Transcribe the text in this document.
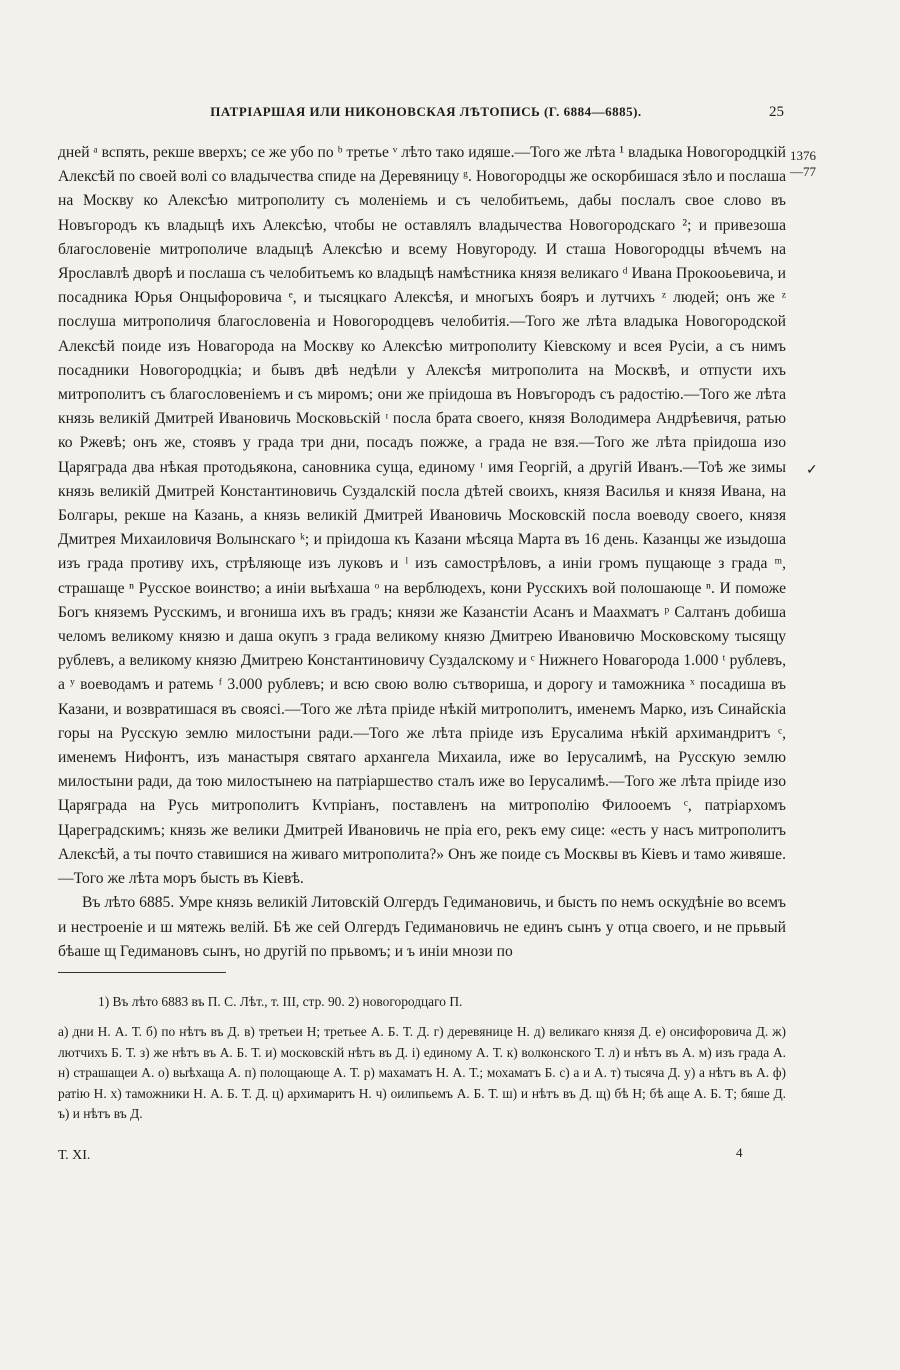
ПАТРІАРШАЯ ИЛИ НИКОНОВСКАЯ ЛѢТОПИСЬ (Г. 6884—6885).	25
1376
—77
✓

дней ᵃ вспять, рекше вверхъ; се же убо по ᵇ третье ᵛ лѣто тако идяше.—Того же лѣта ¹ владыка Новогородцкiй Алексѣй по своей волi со владычества спиде на Деревяницу ᵍ. Новогородцы же оскорбишася зѣло и послаша на Москву ко Алексѣю митрополиту съ моленiемь и съ челобитьемь, дабы послалъ свое слово въ Новъгородъ къ владыцѣ ихъ Алексѣю, чтобы не оставлялъ владычества Новогородскаго ²; и привезоша благословенiе митрополиче владыцѣ Алексѣю и всему Новугороду. И сташа Новогородцы вѣчемъ на Ярославлѣ дворѣ и послаша съ челобитьемъ ко владыцѣ намѣстника князя великаго ᵈ Ивана Прокооьевича, и посадника Юрья Онцыфоровича ᵉ, и тысяцкаго Алексѣя, и многыхъ бояръ и лутчихъ ᶻ людей; онъ же ᶻ послуша митрополичя благословенiа и Новогородцевъ челобитiя.—Того же лѣта владыка Новогородской Алексѣй поиде изъ Новагорода на Москву ко Алексѣю митрополиту Кiевскому и всея Русiи, а съ нимъ посадники Новогородцкiа; и бывъ двѣ недѣли у Алексѣя митрополита на Москвѣ, и отпусти ихъ митрополитъ съ благословенiемъ и съ миромъ; они же прiидоша въ Новъгородъ съ радостiю.—Того же лѣта князь великiй Дмитрей Ивановичь Московьскiй ᶦ посла братa своего, князя Володимера Андрѣевичя, ратью ко Ржевѣ; онъ же, стоявъ у града три дни, посадъ пожже, а града не взя.—Того же лѣта прiидоша изо Царяграда два нѣкая протодьякона, сановника суща, единому ᶦ имя Георгiй, а другiй Иванъ.—Тоѣ же зимы князь великiй Дмитрей Константиновичь Суздалскiй посла дѣтей своихъ, князя Василья и князя Ивана, на Болгары, рекше на Казань, а князь великiй Дмитрей Ивановичь Московскiй посла воеводу своего, князя Дмитрея Михаиловичя Волынскаго ᵏ; и прiидоша къ Казани мѣсяца Марта въ 16 день. Казанцы же изыдоша изъ града противу ихъ, стрѣляюще изъ луковъ и ˡ изъ самострѣловъ, а инiи громъ пущающе з града ᵐ, страшаще ⁿ Русское воинство; а инiи выѣхаша ᵒ на верблюдехъ, кони Русскихъ вой полошающе ⁿ. И поможе Богъ княземъ Русскимъ, и вгониша ихъ въ градъ; князи же Казанстiи Асанъ и Маахматъ ᵖ Салтанъ добиша челомъ великому князю и даша окупъ з града великому князю Дмитрею Ивановичю Московскому тысящу рублевъ, а великому князю Дмитрею Константиновичу Суздалскому и ᶜ Нижнего Новагорода 1.000 ᵗ рублевъ, а ʸ воеводамъ и ратемь ᶠ 3.000 рублевъ; и всю свою волю сътвориша, и дорогу и таможника ˣ посадиша въ Казани, и возвратишася въ своясi.—Того же лѣта прiиде нѣкiй митрополитъ, именемъ Марко, изъ Синайскiа горы на Русскую землю милостыни ради.—Того же лѣта прiиде изъ Ерусалима нѣкiй архимандритъ ᶜ, именемъ Нифонтъ, изъ манастыря святаго архангела Михаила, иже во Iерусалимѣ, на Русскую землю милостыни ради, да тою милостынею на патрiаршество сталъ иже во Iерусалимѣ.—Того же лѣта прiиде изо Царяграда на Русь митрополитъ Кѵпрiанъ, поставленъ на митрополiю Филооемъ ᶜ, патрiархомъ Цареградскимъ; князь же велики Дмитрей Ивановичь не прiа его, рекъ ему сице: «есть у насъ митрополитъ Алексѣй, а ты почто ставишися на живаго митрополита?» Онъ же поиде съ Москвы въ Кiевъ и тамо живяше.—Того же лѣта моръ бысть въ Кiевѣ.

Въ лѣто 6885. Умре князь великiй Литовскiй Олгердъ Гедимановичь, и бысть по немъ оскудѣнiе во всемъ и нестроенiе и ш мятежь велiй. Бѣ же сей Олгердъ Гедимановичь не единъ сынъ у отца своего, и не прьвый бѣаше щ Гедимановъ сынъ, но другiй по прьвомъ; и ъ инiи мнози по

1) Въ лѣто 6883 въ П. С. Лѣт., т. III, стр. 90. 2) новогородцаго П.
а) дни Н. А. Т. б) по нѣтъ въ Д. в) третьеи Н; третьее А. Б. Т. Д. г) деревянице Н. д) великаго князя Д. е) онсифоровича Д. ж) лютчихъ Б. Т. з) же нѣтъ въ А. Б. Т. и) московскiй нѣтъ въ Д. i) единому А. Т. к) волконского Т. л) и нѣтъ въ А. м) изъ града А. н) страшащеи А. о) выѣхаща А. п) полощающе А. Т. р) махаматъ Н. А. Т.; мохаматъ Б. с) а и А. т) тысяча Д. у) а нѣтъ въ А. ф) ратiю Н. х) таможники Н. А. Б. Т. Д. ц) архимаритъ Н. ч) оилипьемъ А. Б. Т. ш) и нѣтъ въ Д. щ) бѣ Н; бѣ аще А. Б. Т; бяше Д. ъ) и нѣтъ въ Д.
Т. XI.	4
